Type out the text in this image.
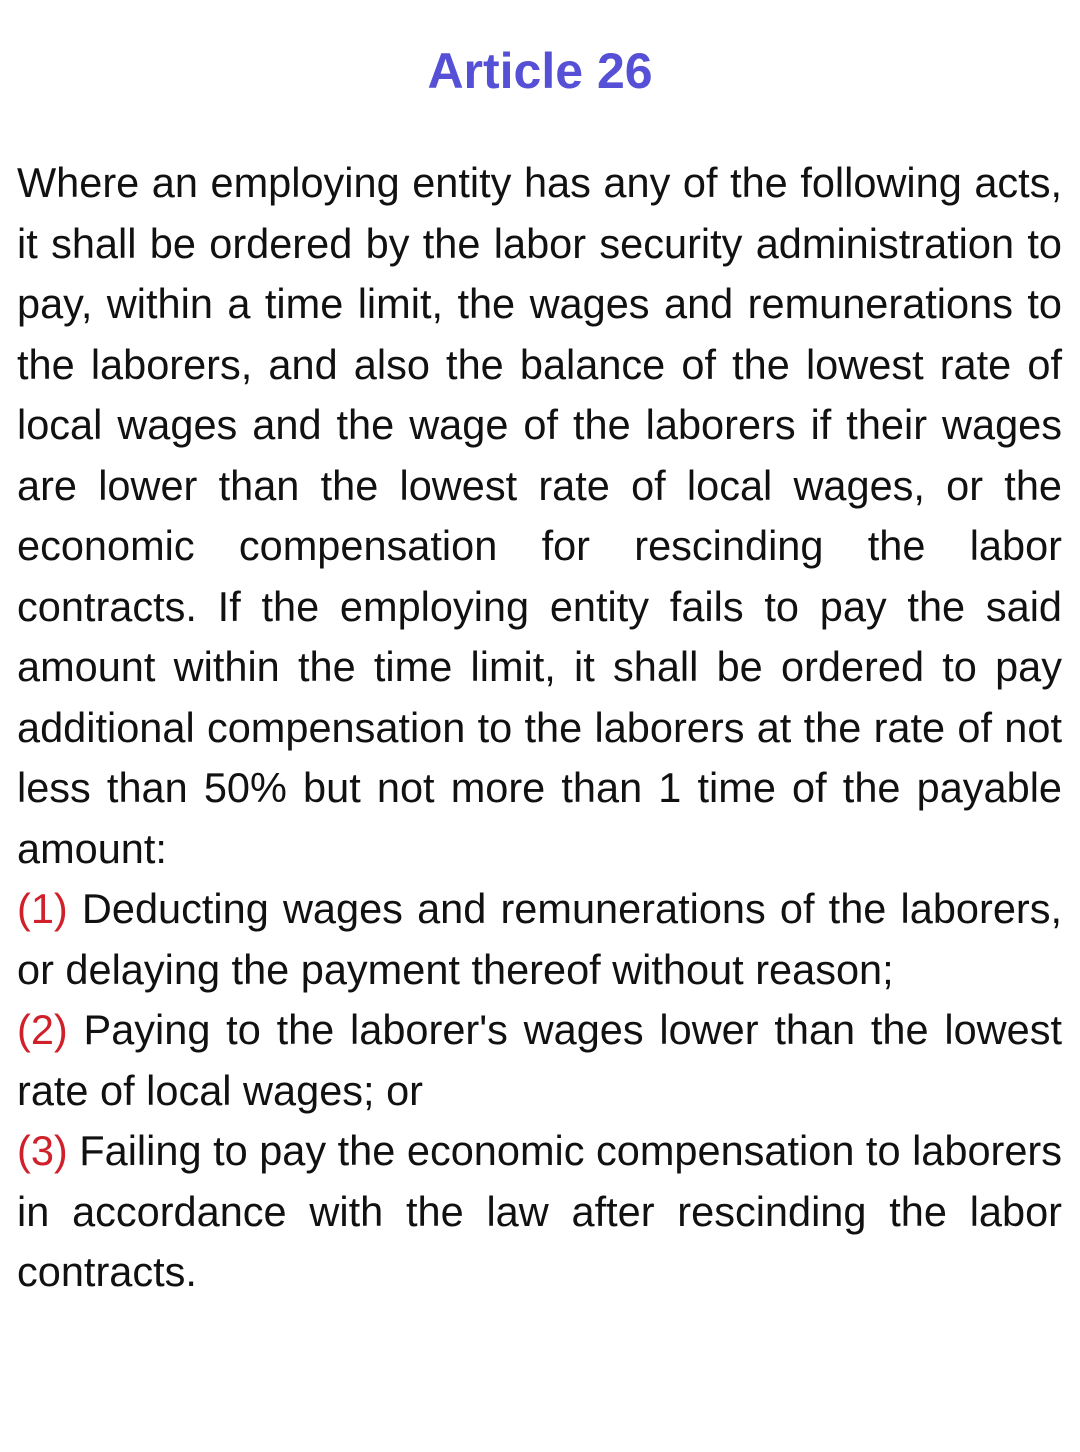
Article 26

Where an employing entity has any of the following acts, it shall be ordered by the labor security administration to pay, within a time limit, the wages and remunerations to the laborers, and also the balance of the lowest rate of local wages and the wage of the laborers if their wages are lower than the lowest rate of local wages, or the economic compensation for rescinding the labor contracts. If the employing entity fails to pay the said amount within the time limit, it shall be ordered to pay additional compensation to the laborers at the rate of not less than 50% but not more than 1 time of the payable amount:

(1) Deducting wages and remunerations of the laborers, or delaying the payment thereof without reason;

(2) Paying to the laborer's wages lower than the lowest rate of local wages; or

(3) Failing to pay the economic compensation to laborers in accordance with the law after rescinding the labor contracts.
